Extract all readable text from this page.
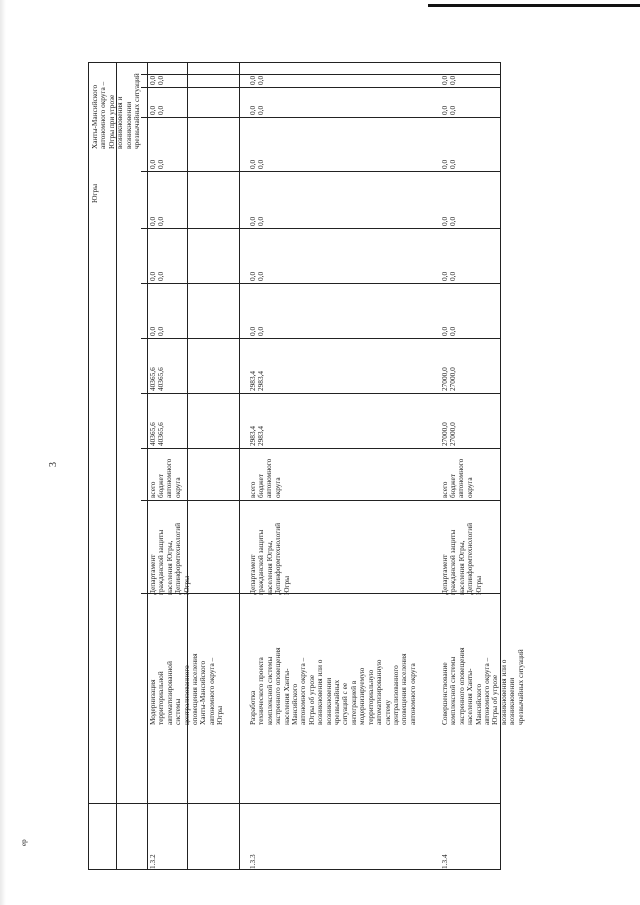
3
ep
Ханты-Мансийского
автономного округа –
Югры при угрозе
возникновения и
возникновении
чрезвычайных ситуаций
Югры
1.3.2
Модернизация
территориальной
автоматизированной
системы
централизованного
оповещения населения
Ханты-Мансийского
автономного округа –
Югры
Департамент
гражданской защиты
населения Югры,
Депинформтехнологий
Югры
всего бюджет
автономного
округа
40365,6 40365,6
40365,6 40365,6
0,0 0,0
0,0 0,0
0,0 0,0
0,0 0,0
0,0 0,0
0,0 0,0
1.3.3
Разработка
технического проекта
комплексной системы
экстренного оповещения
населения Ханты-
Мансийского
автономного округа –
Югры об угрозе
возникновения или о
возникновении
чрезвычайных
ситуаций с ее
интеграцией в
модернизируемую
территориальную
автоматизированную
систему
централизованного
оповещения населения
автономного округа
Департамент
гражданской защиты
населения Югры,
Депинформтехнологий
Югры
всего бюджет
автономного
округа
2983,4 2983,4
2983,4 2983,4
0,0 0,0
0,0 0,0
0,0 0,0
0,0 0,0
0,0 0,0
0,0 0,0
1.3.4
Совершенствование
комплексной системы
экстренного оповещения
населения Ханты-
Мансийского
автономного округа –
Югры об угрозе
возникновения или о
возникновении
чрезвычайных ситуаций
Департамент
гражданской защиты
населения Югры,
Депинформтехнологий
Югры
всего бюджет
автономного
округа
27000,0 27000,0
27000,0 27000,0
0,0 0,0
0,0 0,0
0,0 0,0
0,0 0,0
0,0 0,0
0,0 0,0
